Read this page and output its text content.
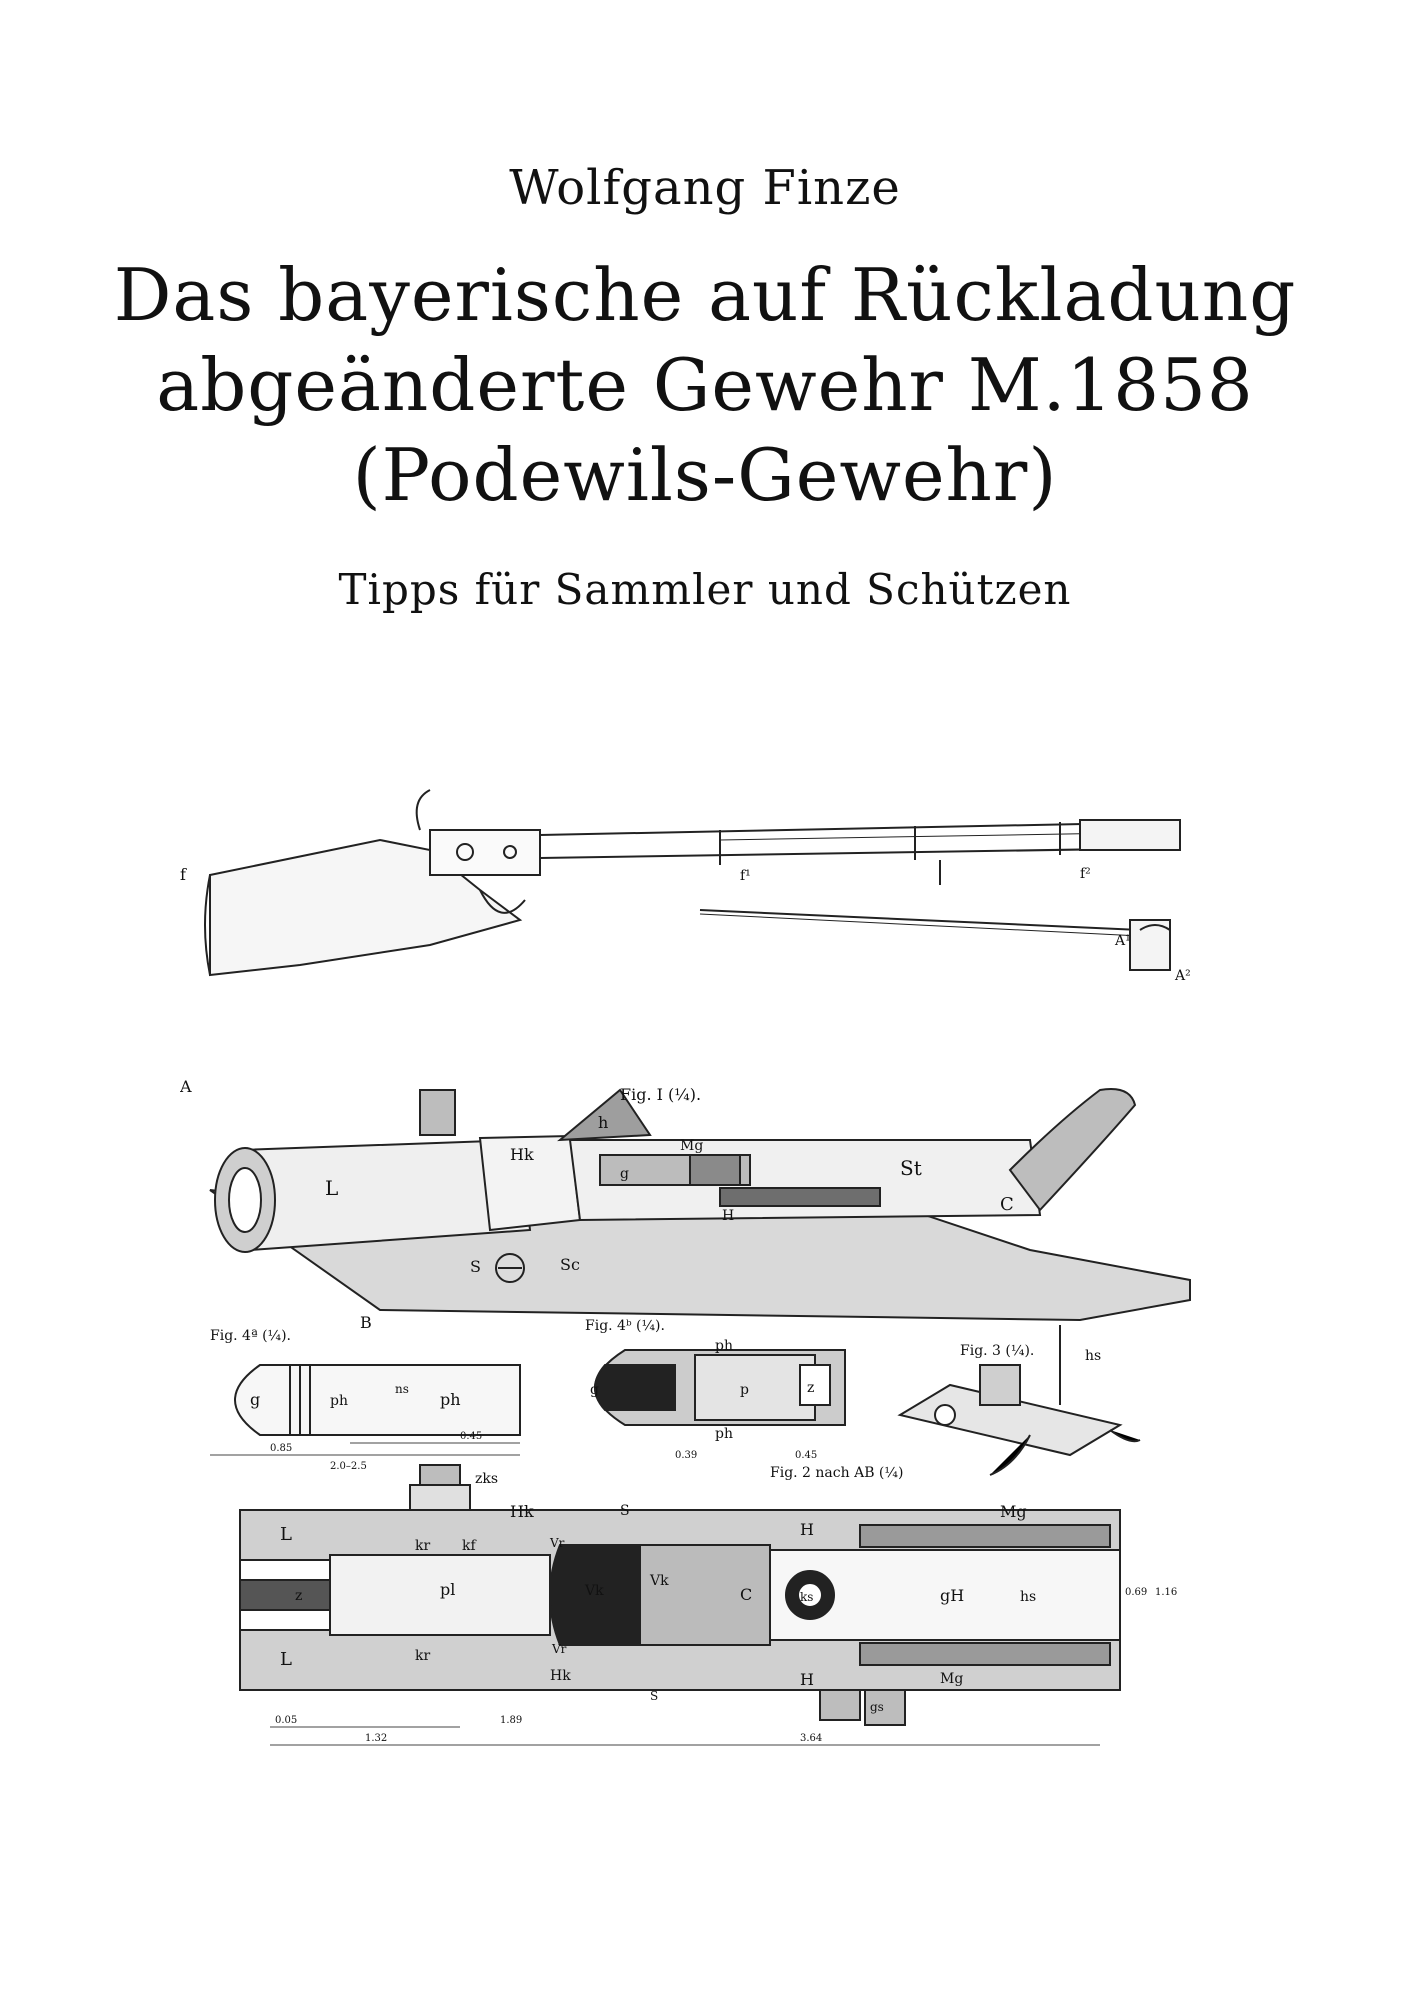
Wolfgang Finze
Das bayerische auf Rückladung
abgeänderte Gewehr M.1858
(Podewils-Gewehr)
Tipps für Sammler und Schützen
f	f¹	f²
A¹
A²
Fig. I (¼).
A
L
Hk
h
Mg
St
g
H
C
Sc
S
B
Fig. 4ª (¼).
g	ph
ns
ph
0.85
2.0–2.5
0.45
Fig. 4ᵇ (¼).
ph
g	p	z
ph
0.39	0.45
Fig. 3 (¼).	hs
Fig. 2 nach AB (¼)
zks
Hk	S
L
kr kf	Vr
H
Mg
pl	Vk
Vk
C	ks	gH	hs
z
L	kr
Hk
Vr
H	Mg
S
gs
0.05
1.32
1.89
3.64
0.69 1.16
